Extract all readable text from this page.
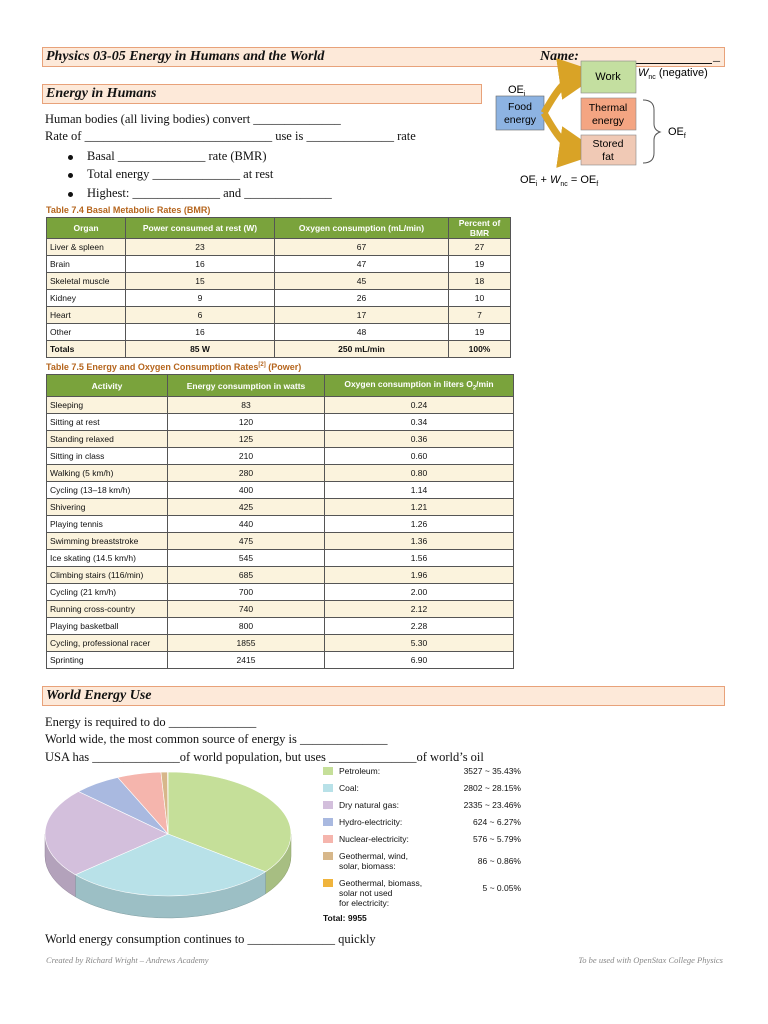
Physics 03-05 Energy in Humans and the World	Name:	_
Energy in Humans
Human bodies (all living bodies) convert ______________
Rate of ______________________________ use is ______________ rate
Basal ______________ rate (BMR)
Total energy ______________ at rest
Highest: ______________ and ______________
$OE_i$
Food
energy
Work $W_{nc}$ (negative)
Thermal
energy
Stored
fat
$OE_f$
$OE_i + W_{nc} = OE_f$
Table 7.4 Basal Metabolic Rates (BMR)
Organ	Power consumed at rest (W)	Oxygen consumption (mL/min)	Percent of BMR
Liver & spleen	23	67	27
Brain	16	47	19
Skeletal muscle	15	45	18
Kidney	9	26	10
Heart	6	17	7
Other	16	48	19
Totals	85 W	250 mL/min	100%
Table 7.5 Energy and Oxygen Consumption Rates[2] (Power)
Activity	Energy consumption in watts	Oxygen consumption in liters $O_2/\min$
Sleeping	83	0.24
Sitting at rest	120	0.34
Standing relaxed	125	0.36
Sitting in class	210	0.60
Walking (5 km/h)	280	0.80
Cycling (13–18 km/h)	400	1.14
Shivering	425	1.21
Playing tennis	440	1.26
Swimming breaststroke	475	1.36
Ice skating (14.5 km/h)	545	1.56
Climbing stairs (116/min)	685	1.96
Cycling (21 km/h)	700	2.00
Running cross-country	740	2.12
Playing basketball	800	2.28
Cycling, professional racer	1855	5.30
Sprinting	2415	6.90
World Energy Use
Energy is required to do ______________
World wide, the most common source of energy is ______________
USA has ______________of world population, but uses ______________of world’s oil
Petroleum:	3527 ~ 35.43%
Coal:	2802 ~ 28.15%
Dry natural gas:	2335 ~ 23.46%
Hydro-electricity:	624 ~ 6.27%
Nuclear-electricity:	576 ~ 5.79%
Geothermal, wind,
solar, biomass:	86 ~ 0.86%
Geothermal, biomass,
solar not used
for electricity:
5 ~ 0.05%
Total: 9955
World energy consumption continues to ______________ quickly
Created by Richard Wright – Andrews Academy	To be used with OpenStax College Physics
